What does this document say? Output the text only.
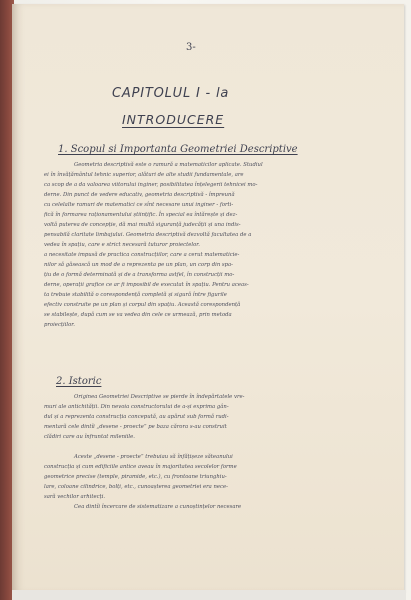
3-
CAPITOLUL I - la
INTRODUCERE
1. Scopul si Importanta Geometriei Descriptive

Geometria descriptivă este o ramură a matematicilor aplicate. Studiul

ei în învățământul tehnic superior, alături de alte studii fundamentale, are

ca scop de a da valoarea viitorului inginer, posibilitatea înțelegerii tehnicei mo-

derne. Din punct de vedere educativ, geometria descriptivă - împreună

cu celelalte ramuri de matematici ce sînt necesare unui inginer - forti-

fică în formarea raționamentului științific. În special ea întărește și dez-

voltă puterea de concepție, dă mai multă siguranță judecății și una indis-

pensabilă claritate limbajului. Geometria descriptivă dezvoltă facultatea de a

vedea în spațiu, care e strict necesară tuturor proiectelor.

a necesitate impusă de practica construcțiilor, care a cerut matematicie-

nilor să găsească un mod de a reprezenta pe un plan, un corp din spa-

țiu de o formă determinată și de a transforma astfel, în construcții mo-

derne, operații grafice ce ar fi imposibil de executat în spațiu. Pentru aceas-

ta trebuie stabilită o corespondență completă și sigură între figurile

efectiv construite pe un plan și corpul din spațiu. Această corespondență

se stabilește, după cum se va vedea din cele ce urmează, prin metoda

proiecțiilor.

2. Istoric

Originea Geometriei Descriptive se pierde în îndepărtatele vre-

muri ale antichității. Din nevoia constructorului de a-și exprima gân-

dul și a reprezenta construcția concepută, au apărut sub formă rudi-

mentară cele dintîi „desene - proecte” pe baza cărora s-au construit

clădiri care au înfruntat mileniile.

Aceste „desene - proecte” trebuiau să înfățișeze săteanului

construcția și cum edificiile antice aveau în majoritatea secolelor forme

geometrice precise (temple, piramide, etc.), cu frontoane triunghiu-

lare, coloane cilindrice, bolți, etc., cunoașterea geometriei era nece-

sară vechilor arhitecți.

Cea dintîi încercare de sistematizare a cunoștințelor necesare
